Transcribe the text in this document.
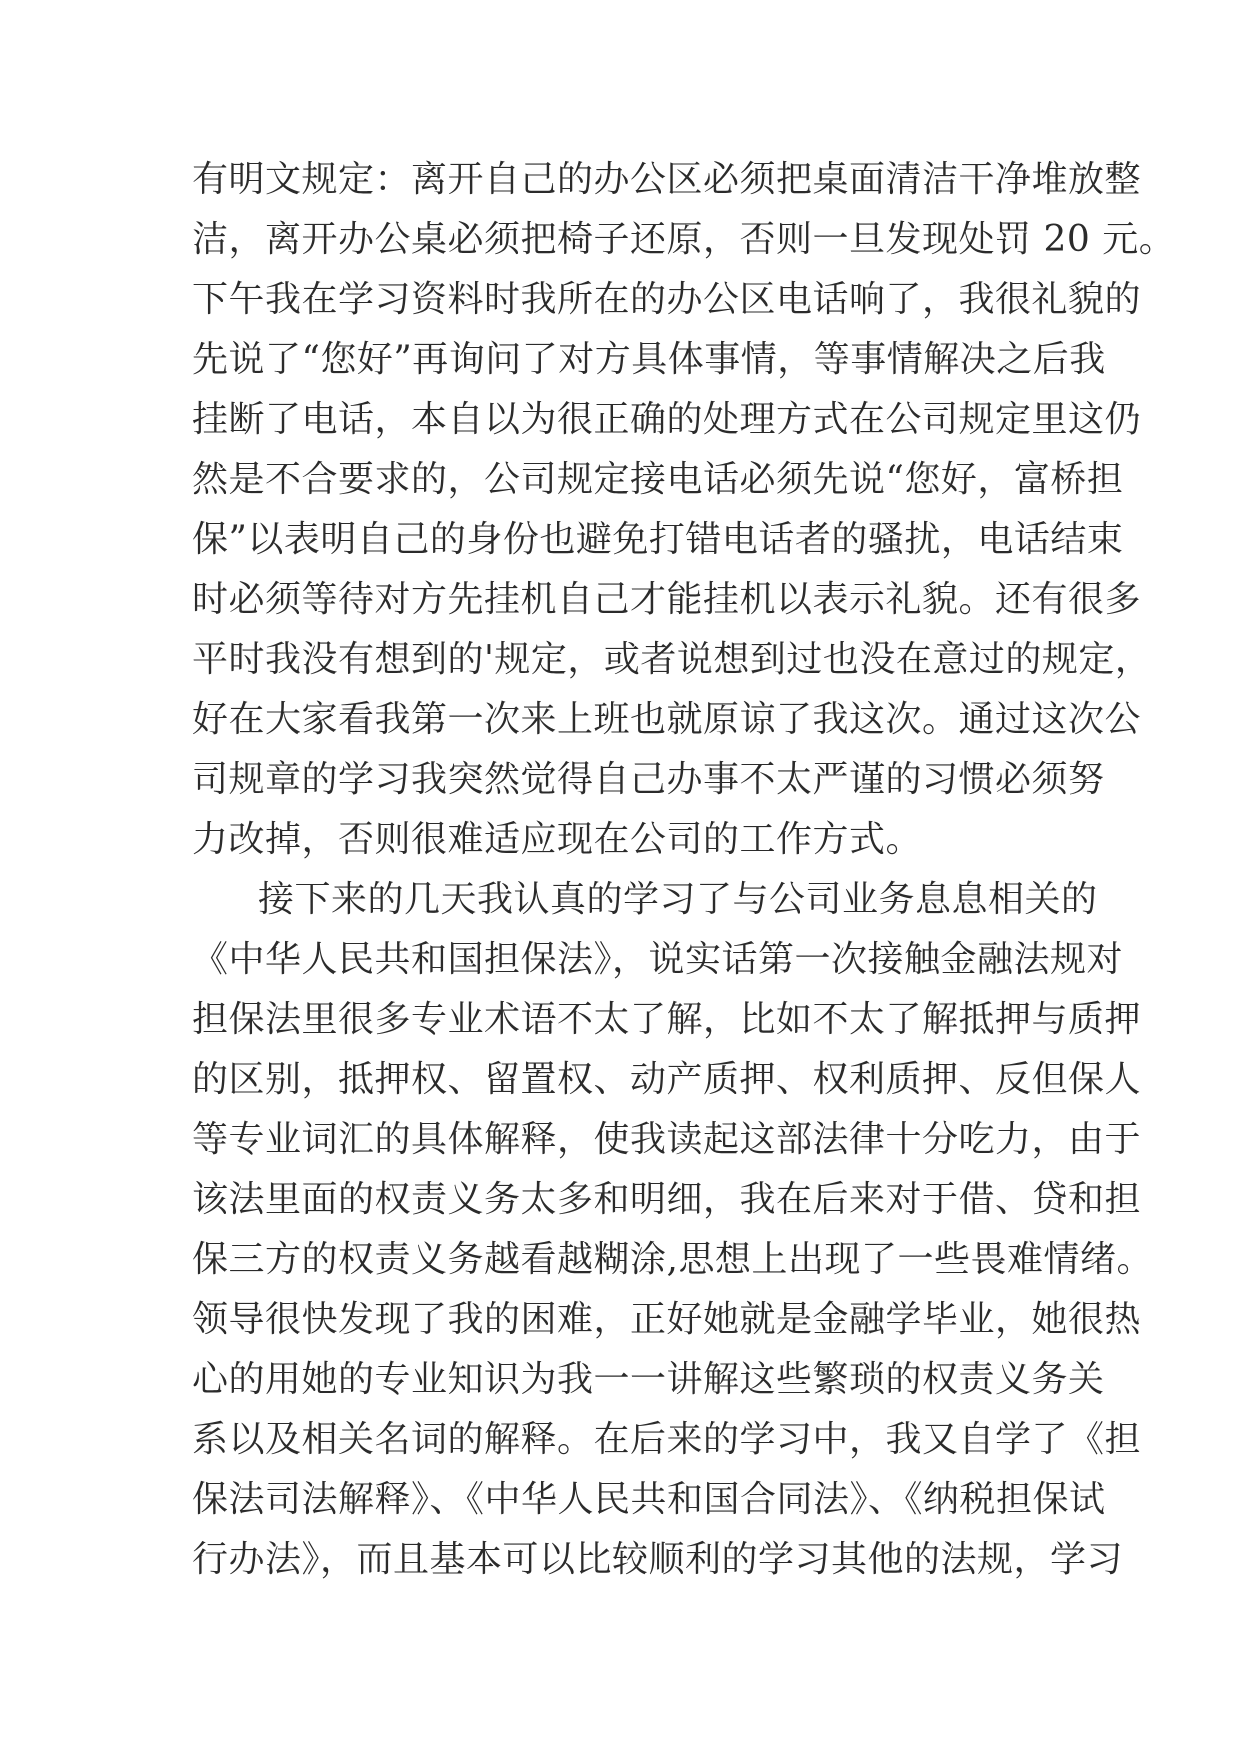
有明文规定：离开自己的办公区必须把桌面清洁干净堆放整
洁，离开办公桌必须把椅子还原，否则一旦发现处罚 20 元。
下午我在学习资料时我所在的办公区电话响了，我很礼貌的
先说了“您好”再询问了对方具体事情，等事情解决之后我
挂断了电话，本自以为很正确的处理方式在公司规定里这仍
然是不合要求的，公司规定接电话必须先说“您好，富桥担
保”以表明自己的身份也避免打错电话者的骚扰，电话结束
时必须等待对方先挂机自己才能挂机以表示礼貌。还有很多
平时我没有想到的'规定，或者说想到过也没在意过的规定，
好在大家看我第一次来上班也就原谅了我这次。通过这次公
司规章的学习我突然觉得自己办事不太严谨的习惯必须努
力改掉，否则很难适应现在公司的工作方式。
接下来的几天我认真的学习了与公司业务息息相关的
《中华人民共和国担保法》，说实话第一次接触金融法规对
担保法里很多专业术语不太了解，比如不太了解抵押与质押
的区别，抵押权、留置权、动产质押、权利质押、反但保人
等专业词汇的具体解释，使我读起这部法律十分吃力，由于
该法里面的权责义务太多和明细，我在后来对于借、贷和担
保三方的权责义务越看越糊涂,思想上出现了一些畏难情绪。
领导很快发现了我的困难，正好她就是金融学毕业，她很热
心的用她的专业知识为我一一讲解这些繁琐的权责义务关
系以及相关名词的解释。在后来的学习中，我又自学了《担
保法司法解释》、《中华人民共和国合同法》、《纳税担保试
行办法》，而且基本可以比较顺利的学习其他的法规，学习
